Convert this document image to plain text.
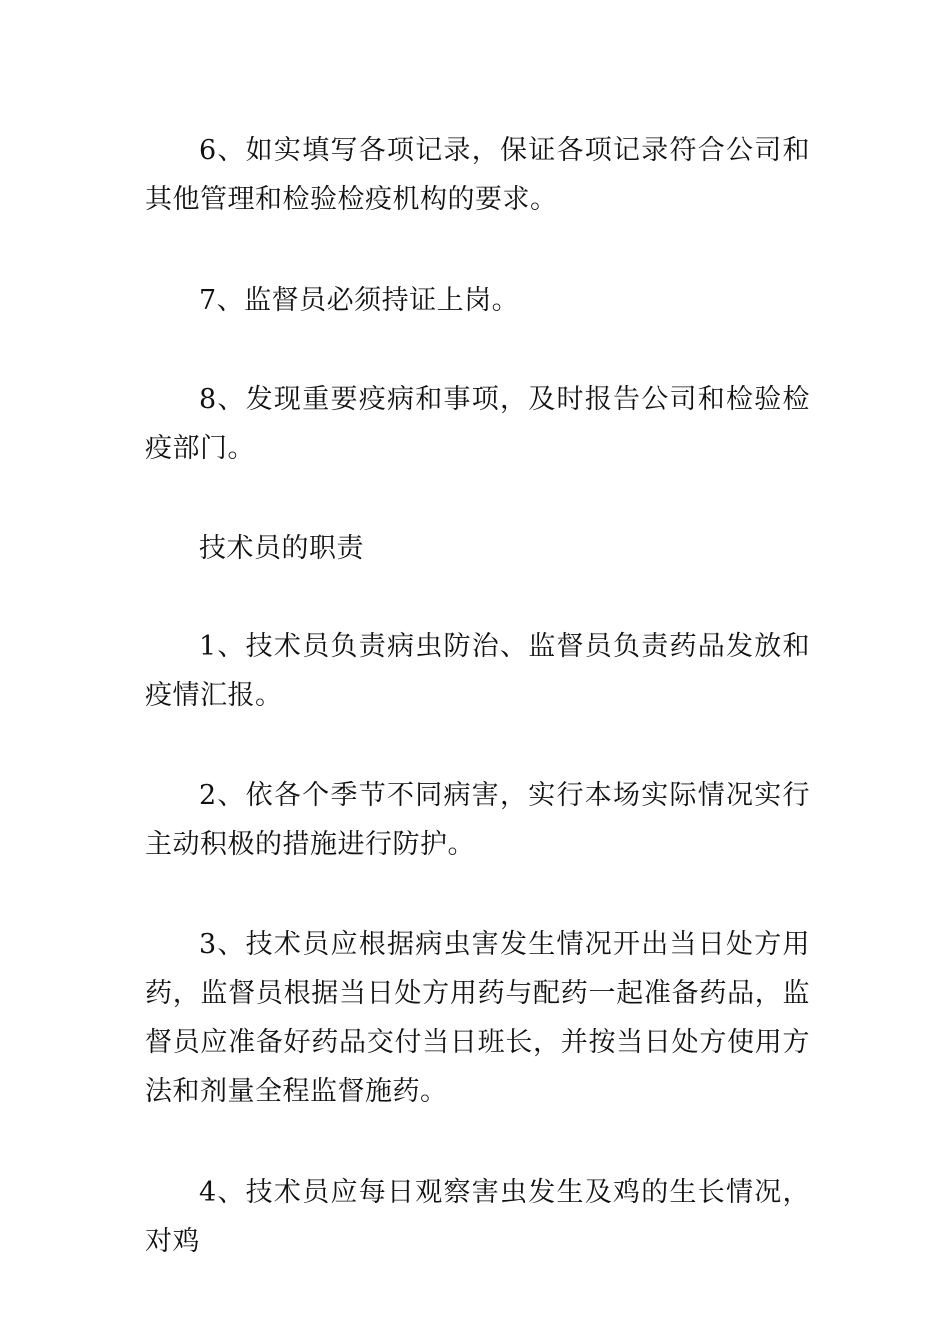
6、如实填写各项记录，保证各项记录符合公司和其他管理和检验检疫机构的要求。

7、监督员必须持证上岗。

8、发现重要疫病和事项，及时报告公司和检验检疫部门。

技术员的职责

1、技术员负责病虫防治、监督员负责药品发放和疫情汇报。

2、依各个季节不同病害，实行本场实际情况实行主动积极的措施进行防护。

3、技术员应根据病虫害发生情况开出当日处方用药，监督员根据当日处方用药与配药一起准备药品，监督员应准备好药品交付当日班长，并按当日处方使用方法和剂量全程监督施药。

4、技术员应每日观察害虫发生及鸡的生长情况，对鸡
